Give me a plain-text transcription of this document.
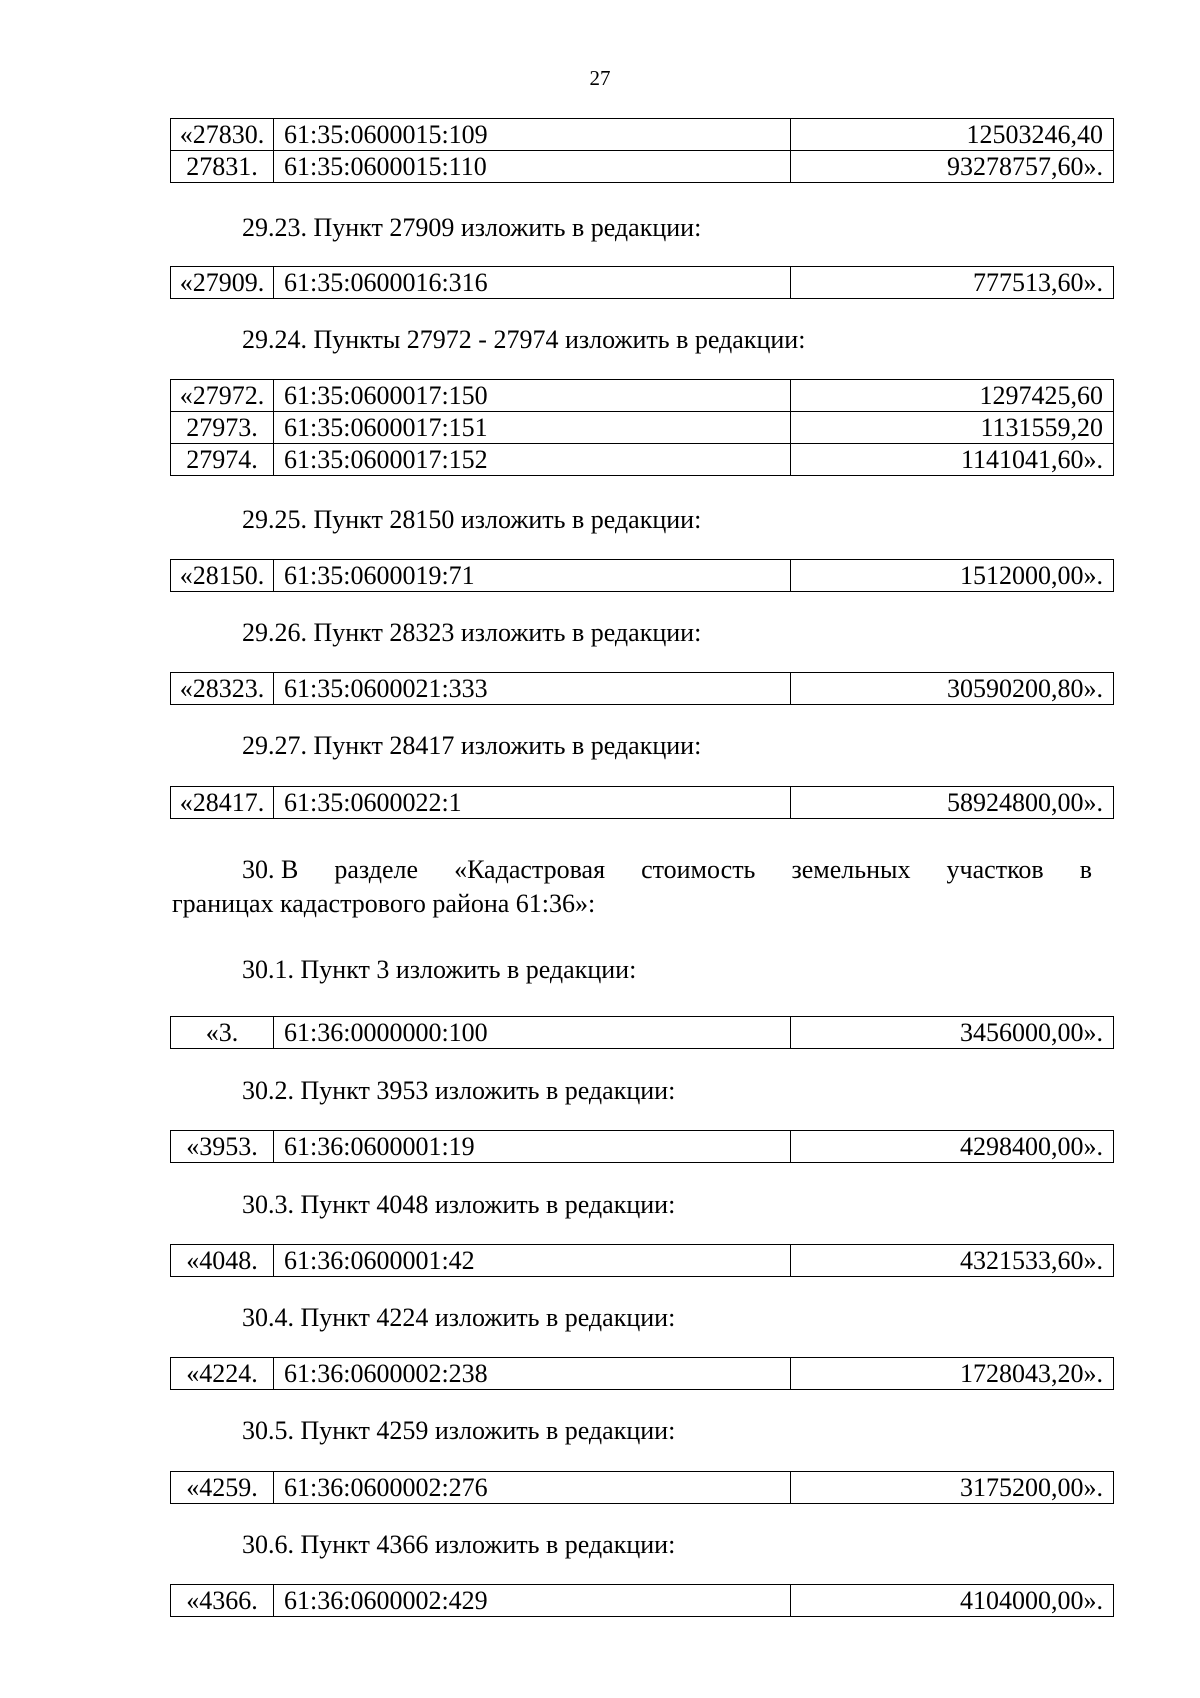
27
«27830.	61:35:0600015:109	12503246,40
27831.	61:35:0600015:110	93278757,60».
29.23. Пункт 27909 изложить в редакции:
«27909.	61:35:0600016:316	777513,60».
29.24. Пункты 27972 - 27974 изложить в редакции:
«27972.	61:35:0600017:150	1297425,60
27973.	61:35:0600017:151	1131559,20
27974.	61:35:0600017:152	1141041,60».
29.25. Пункт 28150 изложить в редакции:
«28150.	61:35:0600019:71	1512000,00».
29.26. Пункт 28323 изложить в редакции:
«28323.	61:35:0600021:333	30590200,80».
29.27. Пункт 28417 изложить в редакции:
«28417.	61:35:0600022:1	58924800,00».
30. В разделе «Кадастровая стоимость земельных участков в
границах кадастрового района 61:36»:
30.1. Пункт 3 изложить в редакции:
«3.	61:36:0000000:100	3456000,00».
30.2. Пункт 3953 изложить в редакции:
«3953.	61:36:0600001:19	4298400,00».
30.3. Пункт 4048 изложить в редакции:
«4048.	61:36:0600001:42	4321533,60».
30.4. Пункт 4224 изложить в редакции:
«4224.	61:36:0600002:238	1728043,20».
30.5. Пункт 4259 изложить в редакции:
«4259.	61:36:0600002:276	3175200,00».
30.6. Пункт 4366 изложить в редакции:
«4366.	61:36:0600002:429	4104000,00».
